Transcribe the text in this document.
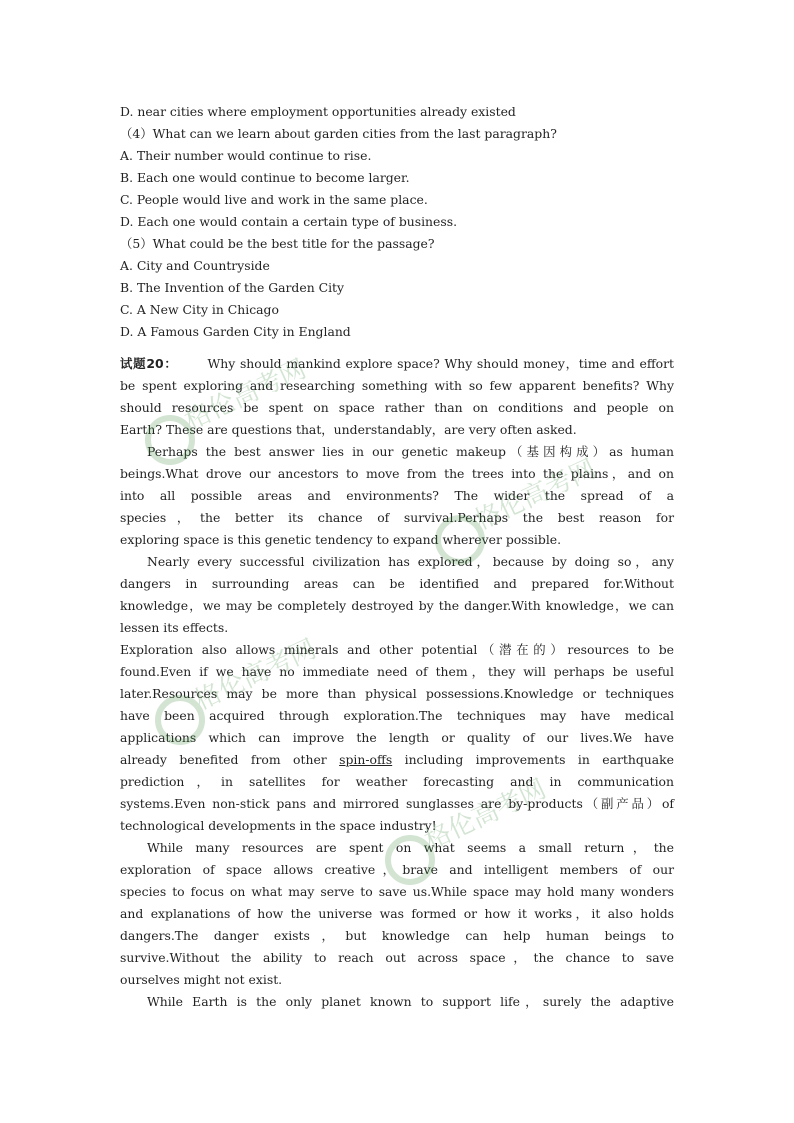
D. near cities where employment opportunities already existed
（4）What can we learn about garden cities from the last paragraph?
A. Their number would continue to rise.
B. Each one would continue to become larger.
C. People would live and work in the same place.
D. Each one would contain a certain type of business.
（5）What could be the best title for the passage?
A. City and Countryside
B. The Invention of the Garden City
C. A New City in Chicago
D. A Famous Garden City in England
试题20： Why should mankind explore space? Why should money，time and effort
be spent exploring and researching something with so few apparent benefits? Why
should resources be spent on space rather than on conditions and people on
Earth? These are questions that，understandably，are very often asked.
Perhaps the best answer lies in our genetic makeup（基因构成）as human
beings.What drove our ancestors to move from the trees into the plains，and on
into all possible areas and environments? The wider the spread of a
species，the better its chance of survival.Perhaps the best reason for
exploring space is this genetic tendency to expand wherever possible.
Nearly every successful civilization has explored，because by doing so，any
dangers in surrounding areas can be identified and prepared for.Without
knowledge，we may be completely destroyed by the danger.With knowledge，we can
lessen its effects.
Exploration also allows minerals and other potential（潜在的）resources to be
found.Even if we have no immediate need of them，they will perhaps be useful
later.Resources may be more than physical possessions.Knowledge or techniques
have been acquired through exploration.The techniques may have medical
applications which can improve the length or quality of our lives.We have
already benefited from other spin-offs including improvements in earthquake
prediction，in satellites for weather forecasting and in communication
systems.Even non-stick pans and mirrored sunglasses are by-products（副产品）of
technological developments in the space industry!
While many resources are spent on what seems a small return，the
exploration of space allows creative，brave and intelligent members of our
species to focus on what may serve to save us.While space may hold many wonders
and explanations of how the universe was formed or how it works，it also holds
dangers.The danger exists，but knowledge can help human beings to
survive.Without the ability to reach out across space，the chance to save
ourselves might not exist.
While Earth is the only planet known to support life，surely the adaptive
格伦高考网
格伦高考网
格伦高考网
格伦高考网
